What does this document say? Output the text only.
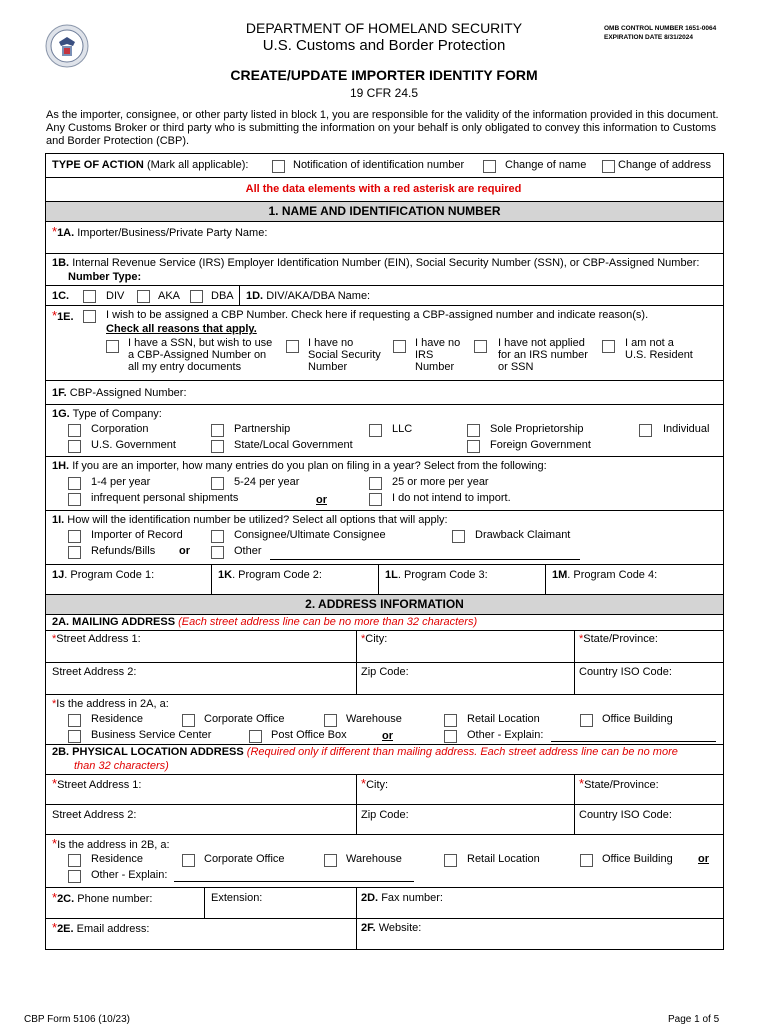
DEPARTMENT OF HOMELAND SECURITY
U.S. Customs and Border Protection
OMB CONTROL NUMBER 1651-0064
EXPIRATION DATE 8/31/2024
CREATE/UPDATE IMPORTER IDENTITY FORM
19 CFR 24.5
As the importer, consignee, or other party listed in block 1, you are responsible for the validity of the information provided in this document. Any Customs Broker or third party who is submitting the information on your behalf is only obligated to convey this information to Customs and Border Protection (CBP).
TYPE OF ACTION (Mark all applicable):	Notification of identification number	Change of name	Change of address
All the data elements with a red asterisk are required
1. NAME AND IDENTIFICATION NUMBER
*1A. Importer/Business/Private Party Name:
1B. Internal Revenue Service (IRS) Employer Identification Number (EIN), Social Security Number (SSN), or CBP-Assigned Number:
Number Type:
1C.	DIV	AKA	DBA 1D. DIV/AKA/DBA Name:
*1E.	I wish to be assigned a CBP Number. Check here if requesting a CBP-assigned number and indicate reason(s).
Check all reasons that apply.
I have a SSN, but wish to use
a CBP-Assigned Number on
all my entry documents
I have no
Social Security
Number
I have no
IRS
Number
I have not applied
for an IRS number
or SSN
I am not a
U.S. Resident
1F. CBP-Assigned Number:
1G. Type of Company:
Corporation	Partnership	LLC	Sole Proprietorship	Individual
U.S. Government	State/Local Government	Foreign Government
1H. If you are an importer, how many entries do you plan on filing in a year? Select from the following:
1-4 per year	5-24 per year	25 or more per year
infrequent personal shipments	or	I do not intend to import.
1I. How will the identification number be utilized? Select all options that will apply:
Importer of Record	Consignee/Ultimate Consignee	Drawback Claimant
Refunds/Bills or	Other
1J. Program Code 1:	1K. Program Code 2:	1L. Program Code 3:	1M. Program Code 4:
2. ADDRESS INFORMATION
2A. MAILING ADDRESS (Each street address line can be no more than 32 characters)
*Street Address 1:	*City:	*State/Province:
Street Address 2:	Zip Code:	Country ISO Code:
*Is the address in 2A, a:
Residence	Corporate Office	Warehouse	Retail Location	Office Building
Business Service Center	Post Office Box	or	Other - Explain:
2B. PHYSICAL LOCATION ADDRESS (Required only if different than mailing address. Each street address line can be no more
than 32 characters)
*Street Address 1:	*City:	*State/Province:
Street Address 2:	Zip Code:	Country ISO Code:
*Is the address in 2B, a:
Residence	Corporate Office	Warehouse	Retail Location	Office Building or
Other - Explain:
*2C. Phone number:	Extension:	2D. Fax number:
*2E. Email address:	2F. Website:
CBP Form 5106 (10/23)	Page 1 of 5
